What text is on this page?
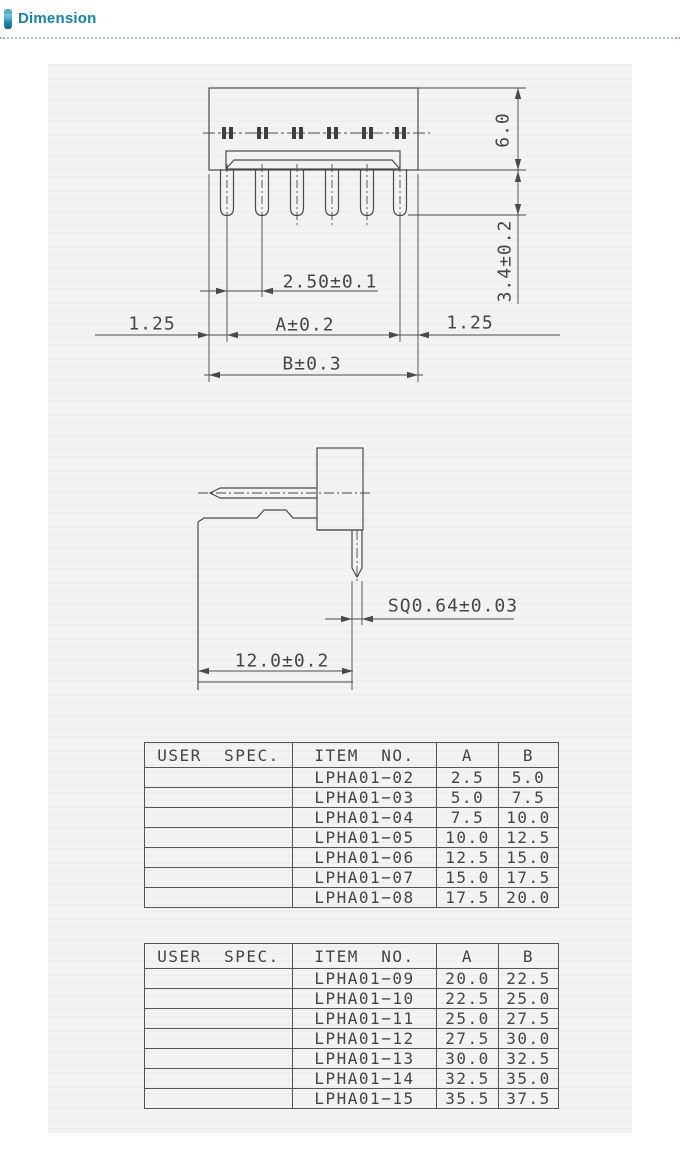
Dimension
2.50±0.1
1.25	A±0.2	1.25
B±0.3
6.0
3.4±0.2
SQ0.64±0.03
12.0±0.2
USER  SPEC.	ITEM  NO.	A	B
	LPHA01−02	2.5	5.0
	LPHA01−03	5.0	7.5
	LPHA01−04	7.5	10.0
	LPHA01−05	10.0	12.5
	LPHA01−06	12.5	15.0
	LPHA01−07	15.0	17.5
	LPHA01−08	17.5	20.0
USER  SPEC.	ITEM  NO.	A	B
	LPHA01−09	20.0	22.5
	LPHA01−10	22.5	25.0
	LPHA01−11	25.0	27.5
	LPHA01−12	27.5	30.0
	LPHA01−13	30.0	32.5
	LPHA01−14	32.5	35.0
	LPHA01−15	35.5	37.5
